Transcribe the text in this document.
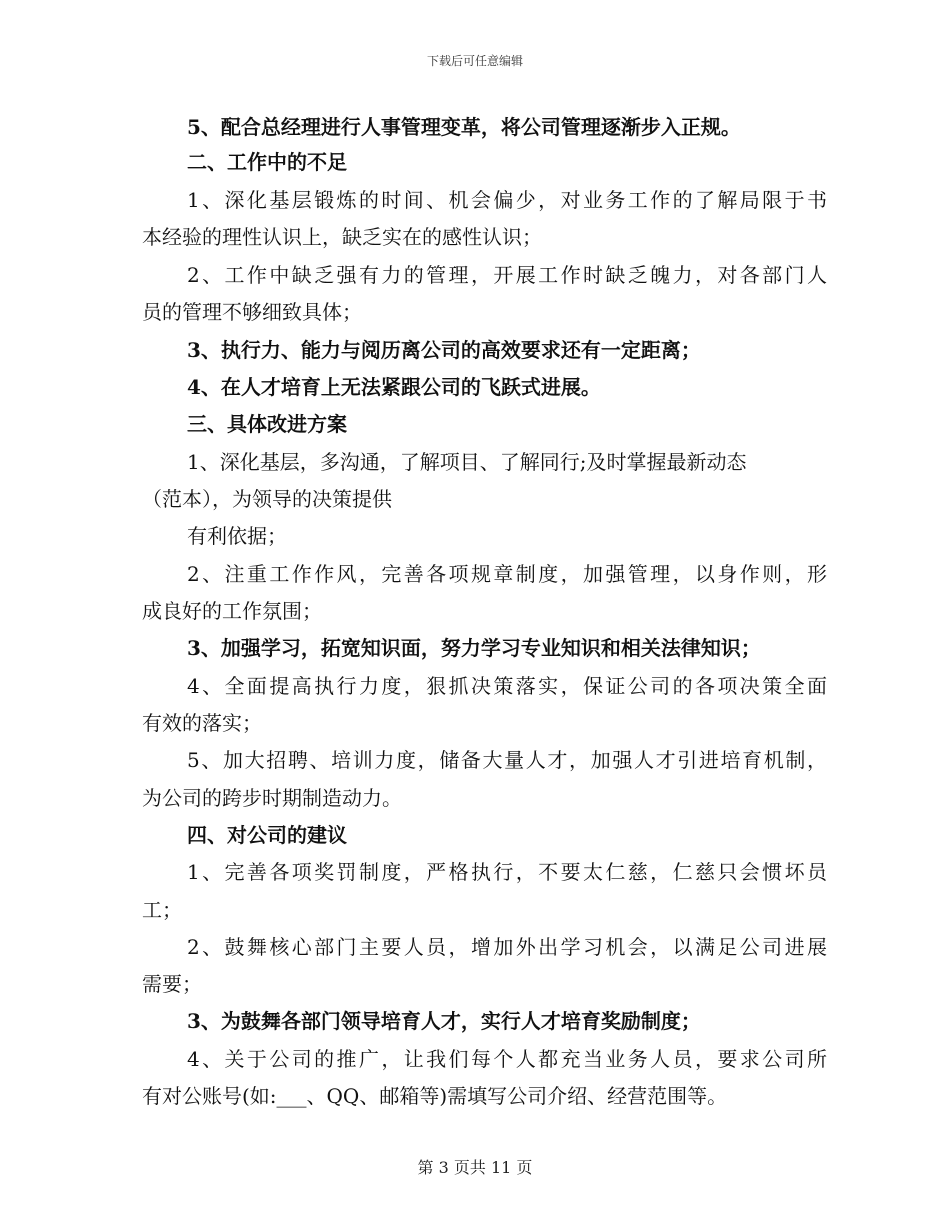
下载后可任意编辑
5、配合总经理进行人事管理变革，将公司管理逐渐步入正规。
二、工作中的不足
1、深化基层锻炼的时间、机会偏少，对业务工作的了解局限于书
本经验的理性认识上，缺乏实在的感性认识；
2、工作中缺乏强有力的管理，开展工作时缺乏魄力，对各部门人
员的管理不够细致具体；
3、执行力、能力与阅历离公司的高效要求还有一定距离；
4、在人才培育上无法紧跟公司的飞跃式进展。
三、具体改进方案
1、深化基层，多沟通，了解项目、了解同行;及时掌握最新动态
（范本），为领导的决策提供
有利依据；
2、注重工作作风，完善各项规章制度，加强管理，以身作则，形
成良好的工作氛围；
3、加强学习，拓宽知识面，努力学习专业知识和相关法律知识；
4、全面提高执行力度，狠抓决策落实，保证公司的各项决策全面
有效的落实；
5、加大招聘、培训力度，储备大量人才，加强人才引进培育机制，
为公司的跨步时期制造动力。
四、对公司的建议
1、完善各项奖罚制度，严格执行，不要太仁慈，仁慈只会惯坏员
工；
2、鼓舞核心部门主要人员，增加外出学习机会，以满足公司进展
需要；
3、为鼓舞各部门领导培育人才，实行人才培育奖励制度；
4、关于公司的推广，让我们每个人都充当业务人员，要求公司所
有对公账号(如:___、QQ、邮箱等)需填写公司介绍、经营范围等。
第 3 页共 11 页
